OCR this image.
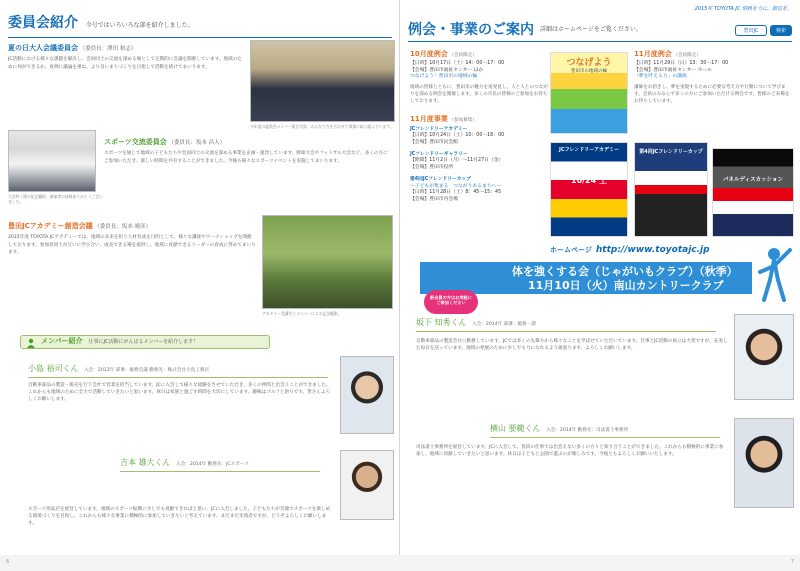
委員会紹介 今号ではいろいろな部を紹介しました。
夏の日大人会議委員会 （委員長：澤田 和志）

JC活動における様々な課題を解決し、会員同士の交流を深める場として定期的に会議を開催しています。地域のために何ができるか、真剣に議論を重ね、より良いまちづくりを目指して活動を続けてまいります。

今年度の委員会メンバー集合写真。みんなで力を合わせて事業に取り組んでいます。

大会終了後の記念撮影。参加者の皆様ありがとうございました。

スポーツ交流委員会 （委員長：坂本 昌人）

スポーツを通じて地域の子どもたちや会員同士の交流を深める事業を企画・運営しています。野球大会やフットサル大会など、多くの方にご参加いただき、楽しい時間を共有することができました。今後も様々なスポーツイベントを実施してまいります。

豊田JCアカデミー創造会議 （委員長：坂本 晴彦）

2015年度 TOYOTA JCアカデミーでは、地域の未来を担う人材育成を目的として、様々な講座やワークショップを開催しております。参加者同士が互いに学び合い、成長できる場を提供し、地域に貢献できるリーダーの育成に努めてまいります。

アカデミー受講生とメンバーによる記念撮影。

メンバー紹介 仕事にJC活動にがんばるメンバーを紹介します！
小島 裕司くん 入会：2012年 部署：総務会議 勤務先：株式会社小島工務店

自動車部品の製造・販売を行う会社で営業を担当しています。JCに入会して様々な経験をさせていただき、多くの仲間と出会うことができました。これからも地域のために全力で活動していきたいと思います。休日は家族と過ごす時間を大切にしています。趣味はゴルフと釣りです。皆さんよろしくお願いします。

吉本 雄大くん 入会：2014年 勤務先：JCスポーツ

スポーツ用品店を経営しています。地域のスポーツ振興に少しでも貢献できればと思い、JCに入会しました。子どもたちが笑顔でスポーツを楽しめる環境づくりを目指し、これからも様々な事業に積極的に参加していきたいと考えています。まだまだ未熟者ですが、どうぞよろしくお願いします。

6
2015年 TOYOTA JC 情熱を力に、創造を。
例会・事業のご案内 詳細はホームページをご覧ください。	豊田JC	検索
10月度例会 （会員限定）
【日時】10月17日（土）14：00〜17：00
【会場】豊田市福祉センター ほか
つなげよう！豊田市の地域の輪

地域の皆様とともに、豊田市の魅力を再発見し、人と人とのつながりを深める例会を開催します。多くの市民の皆様のご参加をお待ちしております。

11月度事業 （参加募集）
JCフレンドリーアカデミー
【日時】10月24日（土）10：00〜16：00
【会場】豊田市民会館
JCフレンドリーギャラリー
【期間】11月2日（月）〜11月27日（金）
【会場】豊田市役所
第4回JCフレンドリーカップ
〜子どもが集まる　つながりあるまちへ〜
【日時】11月28日（土）8：45〜15：45
【会場】豊田市内会場
つなげよう
豊田市の地域の輪
JCフレンドリーアカデミー
10/24 土
11月度例会 （会員限定）
【日時】11月29日（日）13：30〜17：00
【会場】豊田市福祉センター ホール
「夢を叶える力」の講演

講師をお招きし、夢を実現するために必要な考え方や行動について学びます。会員のみならず多くの方にご参加いただける例会です。皆様のご来場をお待ちしています。

第4回JCフレンドリーカップ
11/29	パネルディスカッション
11/29 日
ホームページ http://www.toyotajc.jp
体を強くする会（じゃがいもクラブ）（秋季）
11月10日（火）南山カントリークラブ
新会員の方はお気軽にご参加ください
坂下 知秀くん 入会：2014年 部署：総務一課

自動車部品の製造会社に勤務しています。JCでは多くの先輩方から様々なことを学ばせていただいています。仕事とJC活動の両立は大変ですが、充実した毎日を送っています。地域の発展のために少しでも力になれるよう頑張ります。よろしくお願いします。

横山 要範くん 入会：2014年 勤務先：司法書士事務所

司法書士事務所を経営しています。JCに入会して、普段の仕事では出会えない多くの方々と知り合うことができました。これからも積極的に事業に参加し、地域に貢献していきたいと思います。休日は子どもと公園で遊ぶのが楽しみです。今後ともよろしくお願いいたします。

7
